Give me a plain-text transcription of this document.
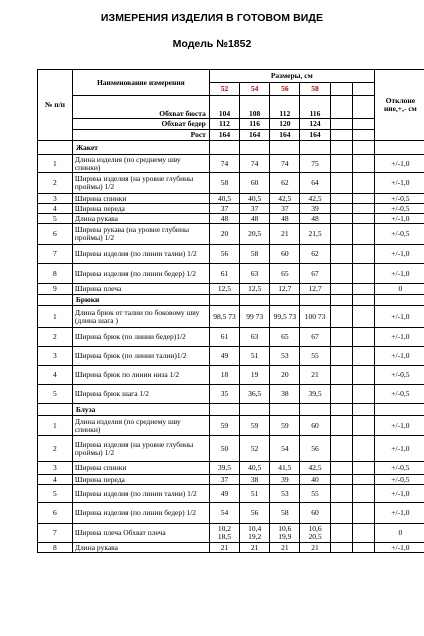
ИЗМЕРЕНИЯ ИЗДЕЛИЯ В ГОТОВОМ ВИДЕ
Модель №1852
№ п/п	Наименование измерения	Размеры, см						Отклоне ние,+,- см
		52	54	56	58			
	Обхват бюста	104	108	112	116			
	Обхват бедер	112	116	120	124			
	Рост	164	164	164	164			
	Жакет							
1	Длина изделия (по среднему шву спинки)	74	74	74	75			+/-1,0
2	Ширина изделия (на уровне глубины проймы) 1/2	58	60	62	64			+/-1,0
3	Ширина спинки	40,5	40,5	42,5	42,5			+/-0,5
4	Ширина переда	37	37	37	39			+/-0,5
5	Длина рукава	48	48	48	48			+/-1,0
6	Ширина рукава (на уровне глубины проймы) 1/2	20	20,5	21	21,5			+/-0,5
7	Ширина изделия (по линии талии) 1/2	56	58	60	62			+/-1,0
8	Ширина изделия (по линии бедер) 1/2	61	63	65	67			+/-1,0
9	Ширина плеча	12,5	12,5	12,7	12,7			0
	Брюки							
1	Длина брюк от талии по боковому шву (длина шага )	98,5 73	99 73	99,5 73	100 73			+/-1,0
2	Ширина брюк (по линии бедер)1/2	61	63	65	67			+/-1,0
3	Ширина брюк (по линии талии)1/2	49	51	53	55			+/-1,0
4	Ширина брюк по линии низа 1/2	18	19	20	21			+/-0,5
5	Ширина брюк шага 1/2	35	36,5	38	39,5			+/-0,5
	Блуза							
1	Длина изделия (по среднему шву спинки)	59	59	59	60			+/-1,0
2	Ширина изделия (на уровне глубины проймы) 1/2	50	52	54	56			+/-1,0
3	Ширина спинки	39,5	40,5	41,5	42,5			+/-0,5
4	Ширина переда	37	38	39	40			+/-0,5
5	Ширина изделия (по линии талии) 1/2	49	51	53	55			+/-1,0
6	Ширина изделия (по линии бедер) 1/2	54	56	58	60			+/-1,0
7	Ширина плеча Обхват плеча	10,2 18,5	10,4 19,2	10,6 19,9	10,6 20,5			0
8	Длина рукава	21	21	21	21			+/-1,0
